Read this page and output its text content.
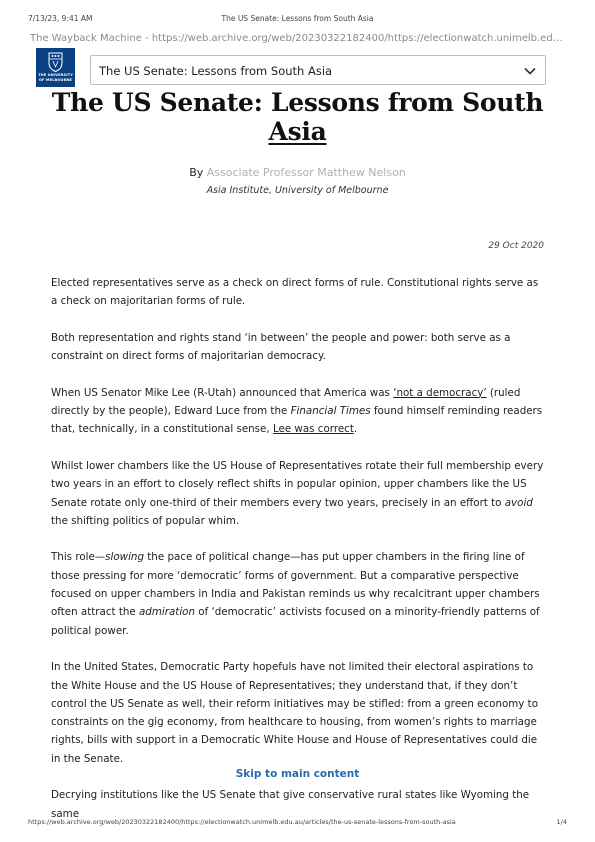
7/13/23, 9:41 AM	The US Senate: Lessons from South Asia
The Wayback Machine - https://web.archive.org/web/20230322182400/https://electionwatch.unimelb.ed…
THE UNIVERSITY OF MELBOURNE
The US Senate: Lessons from South Asia
The US Senate: Lessons from South
Asia
By Associate Professor Matthew Nelson
Asia Institute, University of Melbourne
29 Oct 2020

Elected representatives serve as a check on direct forms of rule. Constitutional rights serve as a check on majoritarian forms of rule.

Both representation and rights stand ‘in between’ the people and power: both serve as a constraint on direct forms of majoritarian democracy.

When US Senator Mike Lee (R-Utah) announced that America was ‘not a democracy’ (ruled directly by the people), Edward Luce from the Financial Times found himself reminding readers that, technically, in a constitutional sense, Lee was correct.

Whilst lower chambers like the US House of Representatives rotate their full membership every two years in an effort to closely reflect shifts in popular opinion, upper chambers like the US Senate rotate only one-third of their members every two years, precisely in an effort to avoid the shifting politics of popular whim.

This role—slowing the pace of political change—has put upper chambers in the firing line of those pressing for more ‘democratic’ forms of government. But a comparative perspective focused on upper chambers in India and Pakistan reminds us why recalcitrant upper chambers often attract the admiration of ‘democratic’ activists focused on a minority-friendly patterns of political power.

In the United States, Democratic Party hopefuls have not limited their electoral aspirations to the White House and the US House of Representatives; they understand that, if they don’t control the US Senate as well, their reform initiatives may be stifled: from a green economy to constraints on the gig economy, from healthcare to housing, from women’s rights to marriage rights, bills with support in a Democratic White House and House of Representatives could die in the Senate.

Decrying institutions like the US Senate that give conservative rural states like Wyoming the same

Skip to main content
https://web.archive.org/web/20230322182400/https://electionwatch.unimelb.edu.au/articles/the-us-senate-lessons-from-south-asia	1/4
